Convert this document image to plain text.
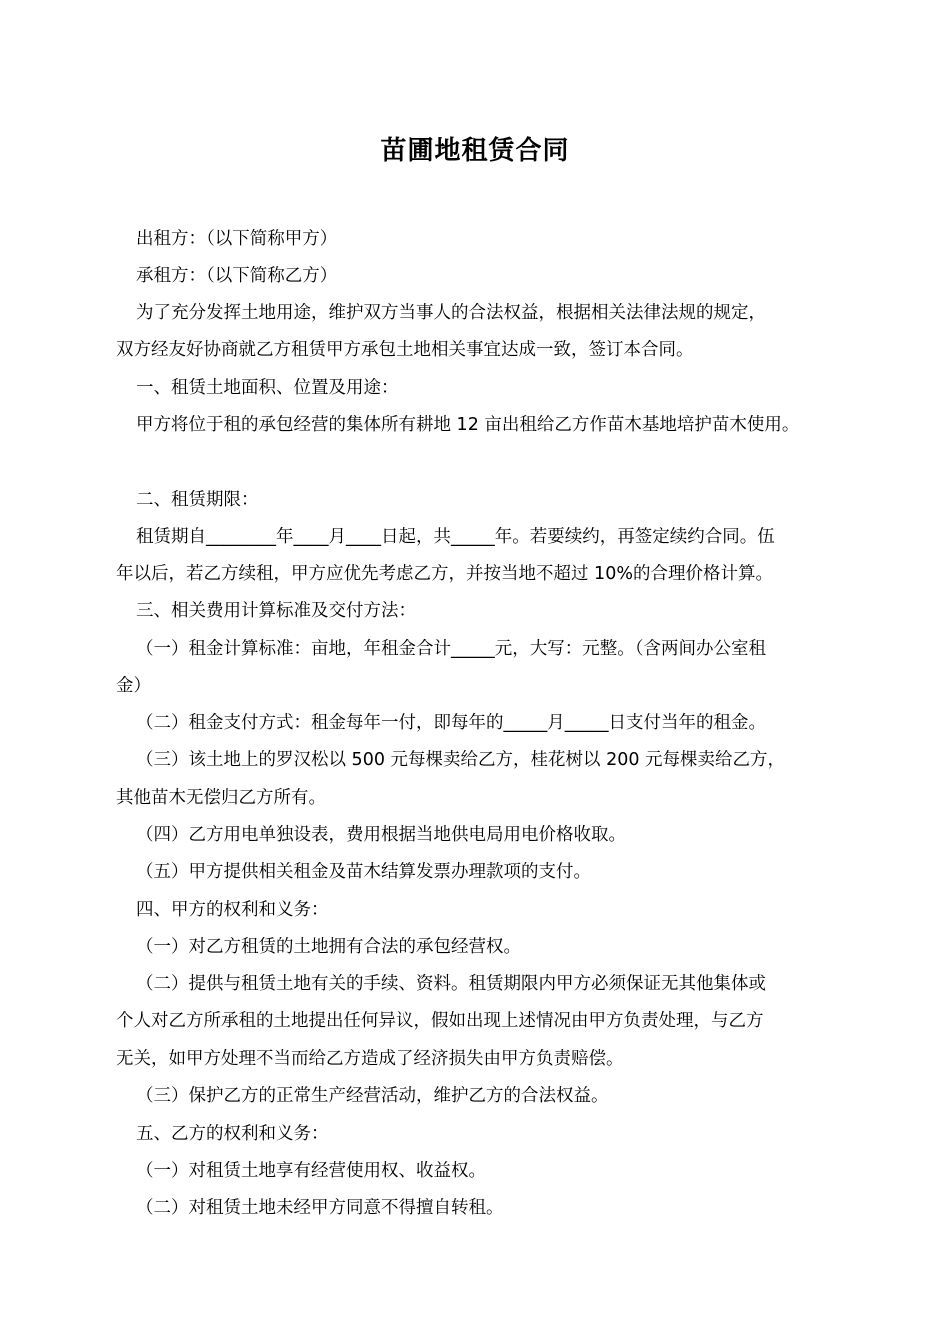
苗圃地租赁合同
出租方：（以下简称甲方）
承租方：（以下简称乙方）
为了充分发挥土地用途，维护双方当事人的合法权益，根据相关法律法规的规定，
双方经友好协商就乙方租赁甲方承包土地相关事宜达成一致，签订本合同。
一、租赁土地面积、位置及用途：
甲方将位于租的承包经营的集体所有耕地 12 亩出租给乙方作苗木基地培护苗木使用。
二、租赁期限：
租赁期自________年____月____日起，共_____年。若要续约，再签定续约合同。伍
年以后，若乙方续租，甲方应优先考虑乙方，并按当地不超过 10%的合理价格计算。
三、相关费用计算标准及交付方法：
（一）租金计算标准：亩地，年租金合计_____元，大写：元整。（含两间办公室租
金）
（二）租金支付方式：租金每年一付，即每年的_____月_____日支付当年的租金。
（三）该土地上的罗汉松以 500 元每棵卖给乙方，桂花树以 200 元每棵卖给乙方，
其他苗木无偿归乙方所有。
（四）乙方用电单独设表，费用根据当地供电局用电价格收取。
（五）甲方提供相关租金及苗木结算发票办理款项的支付。
四、甲方的权利和义务：
（一）对乙方租赁的土地拥有合法的承包经营权。
（二）提供与租赁土地有关的手续、资料。租赁期限内甲方必须保证无其他集体或
个人对乙方所承租的土地提出任何异议，假如出现上述情况由甲方负责处理，与乙方
无关，如甲方处理不当而给乙方造成了经济损失由甲方负责赔偿。
（三）保护乙方的正常生产经营活动，维护乙方的合法权益。
五、乙方的权利和义务：
（一）对租赁土地享有经营使用权、收益权。
（二）对租赁土地未经甲方同意不得擅自转租。
